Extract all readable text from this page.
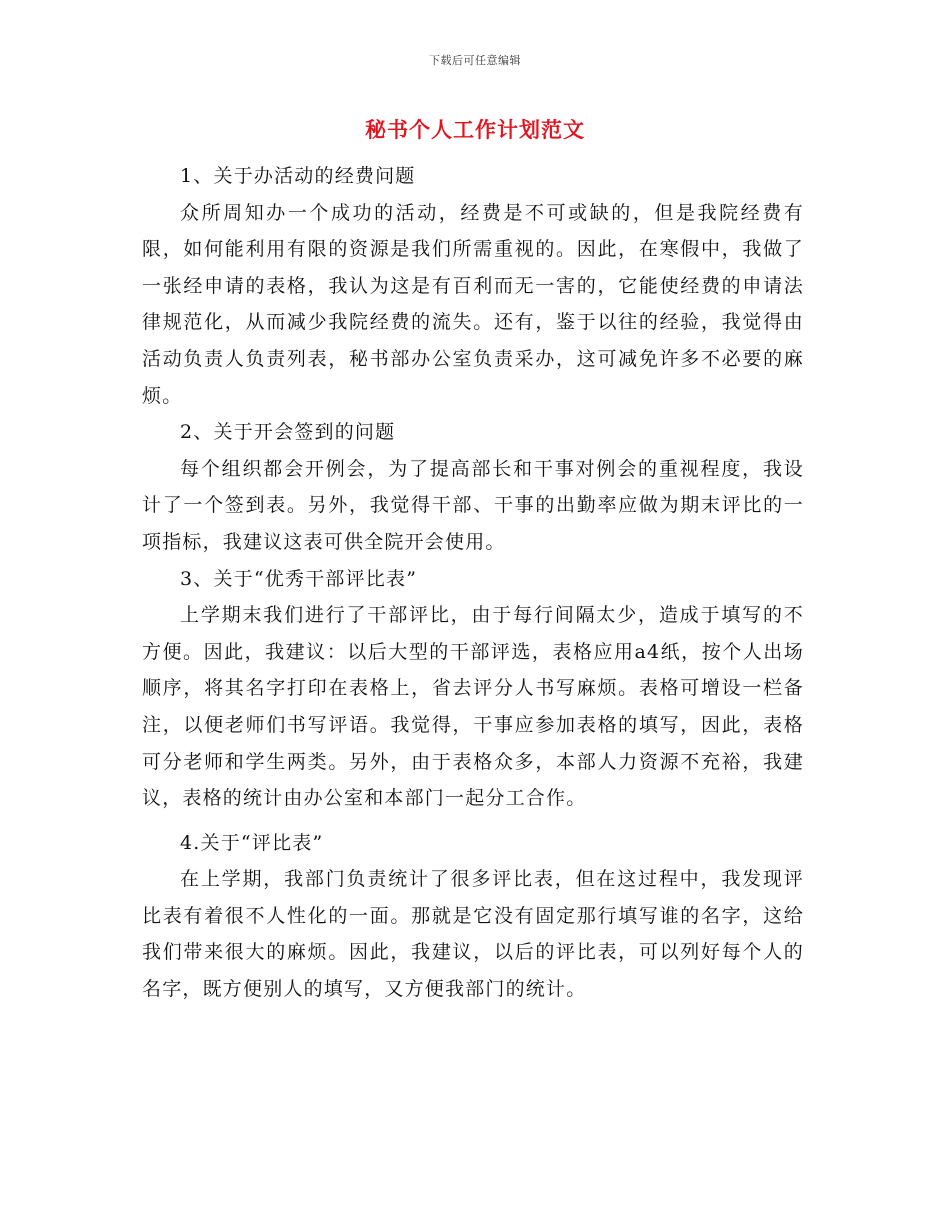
下载后可任意编辑
秘书个人工作计划范文

1、关于办活动的经费问题

众所周知办一个成功的活动，经费是不可或缺的，但是我院经费有限，如何能利用有限的资源是我们所需重视的。因此，在寒假中，我做了一张经申请的表格，我认为这是有百利而无一害的，它能使经费的申请法律规范化，从而减少我院经费的流失。还有，鉴于以往的经验，我觉得由活动负责人负责列表，秘书部办公室负责采办，这可减免许多不必要的麻烦。

2、关于开会签到的问题

每个组织都会开例会，为了提高部长和干事对例会的重视程度，我设计了一个签到表。另外，我觉得干部、干事的出勤率应做为期末评比的一项指标，我建议这表可供全院开会使用。

3、关于“优秀干部评比表”

上学期末我们进行了干部评比，由于每行间隔太少，造成于填写的不方便。因此，我建议：以后大型的干部评选，表格应用a4纸，按个人出场顺序，将其名字打印在表格上，省去评分人书写麻烦。表格可增设一栏备注，以便老师们书写评语。我觉得，干事应参加表格的填写，因此，表格可分老师和学生两类。另外，由于表格众多，本部人力资源不充裕，我建议，表格的统计由办公室和本部门一起分工合作。

4.关于“评比表”

在上学期，我部门负责统计了很多评比表，但在这过程中，我发现评比表有着很不人性化的一面。那就是它没有固定那行填写谁的名字，这给我们带来很大的麻烦。因此，我建议，以后的评比表，可以列好每个人的名字，既方便别人的填写，又方便我部门的统计。
